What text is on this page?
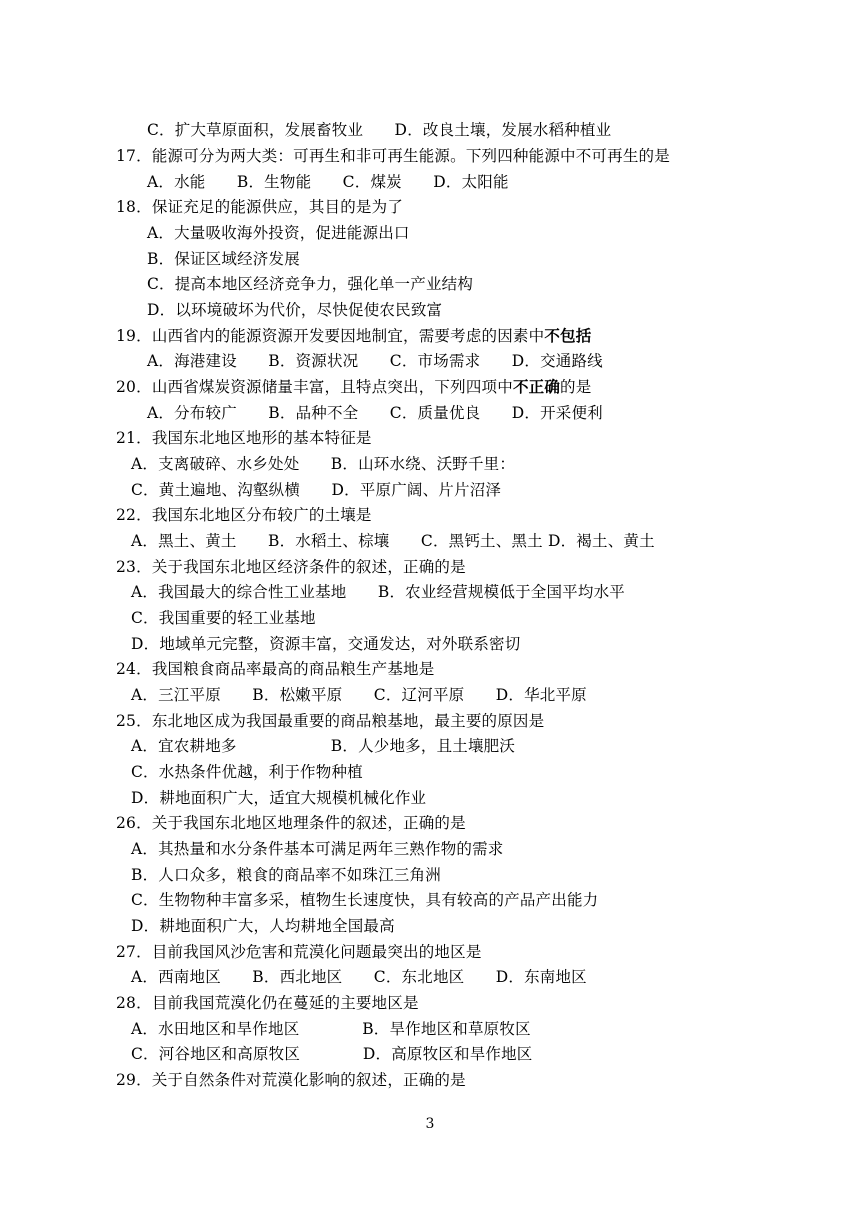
C．扩大草原面积，发展畜牧业　　D．改良土壤，发展水稻种植业
17．能源可分为两大类：可再生和非可再生能源。下列四种能源中不可再生的是
A．水能　　B．生物能　　C．煤炭　　D．太阳能
18．保证充足的能源供应，其目的是为了
A．大量吸收海外投资，促进能源出口
B．保证区域经济发展
C．提高本地区经济竞争力，强化单一产业结构
D．以环境破坏为代价，尽快促使农民致富
19．山西省内的能源资源开发要因地制宜，需要考虑的因素中不包括
A．海港建设　　B．资源状况　　C．市场需求　　D．交通路线
20．山西省煤炭资源储量丰富，且特点突出，下列四项中不正确的是
A．分布较广　　B．品种不全　　C．质量优良　　D．开采便利
21．我国东北地区地形的基本特征是
A．支离破碎、水乡处处　　B．山环水绕、沃野千里：
C．黄土遍地、沟壑纵横　　D．平原广阔、片片沼泽
22．我国东北地区分布较广的土壤是
A．黑土、黄土　　B．水稻土、棕壤　　C．黑钙土、黑土 D．褐土、黄土
23．关于我国东北地区经济条件的叙述，正确的是
A．我国最大的综合性工业基地　　B．农业经营规模低于全国平均水平
C．我国重要的轻工业基地
D．地域单元完整，资源丰富，交通发达，对外联系密切
24．我国粮食商品率最高的商品粮生产基地是
A．三江平原　　B．松嫩平原　　C．辽河平原　　D．华北平原
25．东北地区成为我国最重要的商品粮基地，最主要的原因是
A．宜农耕地多　　　　　　B．人少地多，且土壤肥沃
C．水热条件优越，利于作物种植
D．耕地面积广大，适宜大规模机械化作业
26．关于我国东北地区地理条件的叙述，正确的是
A．其热量和水分条件基本可满足两年三熟作物的需求
B．人口众多，粮食的商品率不如珠江三角洲
C．生物物种丰富多采，植物生长速度快，具有较高的产品产出能力
D．耕地面积广大，人均耕地全国最高
27．目前我国风沙危害和荒漠化问题最突出的地区是
A．西南地区　　B．西北地区　　C．东北地区　　D．东南地区
28．目前我国荒漠化仍在蔓延的主要地区是
A．水田地区和旱作地区　　　　B．旱作地区和草原牧区
C．河谷地区和高原牧区　　　　D．高原牧区和旱作地区
29．关于自然条件对荒漠化影响的叙述，正确的是
3
